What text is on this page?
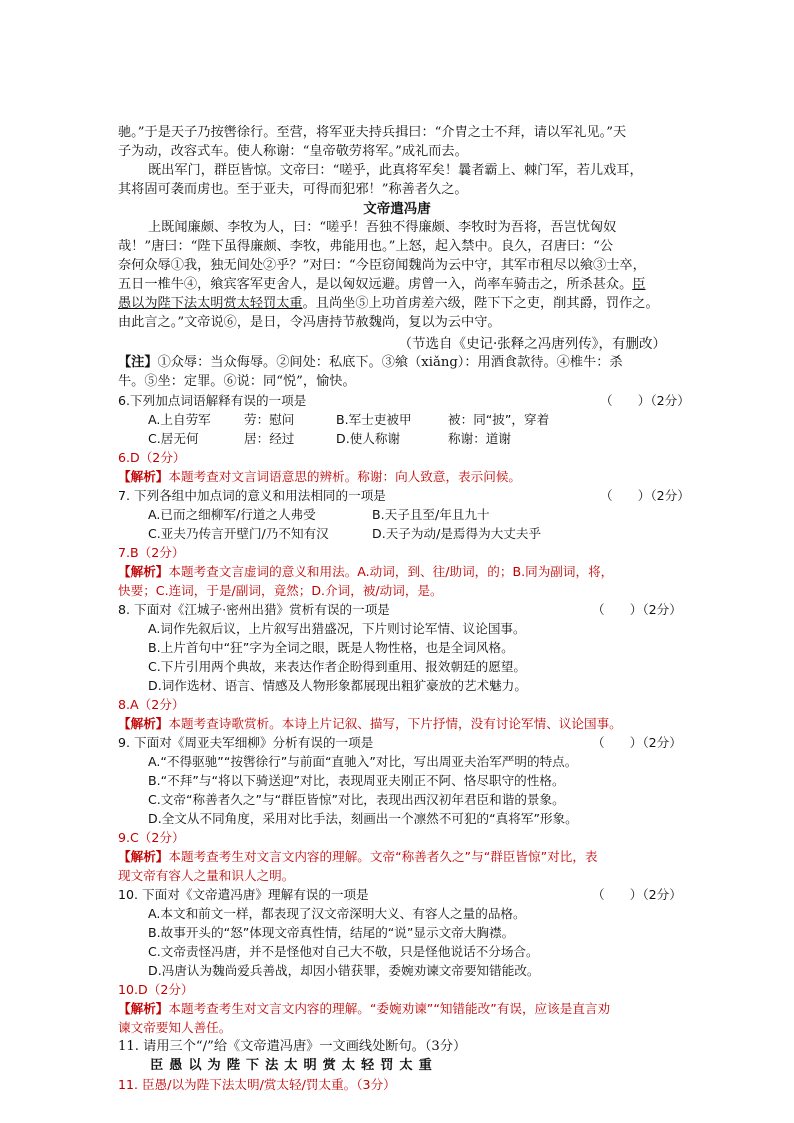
驰。”于是天子乃按辔徐行。至营，将军亚夫持兵揖曰：“介胄之士不拜，请以军礼见。”天
子为动，改容式车。使人称谢：“皇帝敬劳将军。”成礼而去。
既出军门，群臣皆惊。文帝曰：“嗟乎，此真将军矣！曩者霸上、棘门军，若儿戏耳，
其将固可袭而虏也。至于亚夫，可得而犯邪！”称善者久之。
文帝遣冯唐
上既闻廉颇、李牧为人，曰：“嗟乎！吾独不得廉颇、李牧时为吾将，吾岂忧匈奴
哉！”唐曰：“陛下虽得廉颇、李牧，弗能用也。”上怒，起入禁中。良久，召唐曰：“公
奈何众辱①我，独无间处②乎？”对曰：“今臣窃闻魏尚为云中守，其军市租尽以飨③士卒，
五日一椎牛④，飨宾客军吏舍人，是以匈奴远避。虏曾一入，尚率车骑击之，所杀甚众。臣
愚以为陛下法太明赏太轻罚太重。且尚坐⑤上功首虏差六级，陛下下之吏，削其爵，罚作之。
由此言之。”文帝说⑥，是日，令冯唐持节赦魏尚，复以为云中守。
（节选自《史记·张释之冯唐列传》，有删改）
【注】①众辱：当众侮辱。②间处：私底下。③飨（xiǎng）：用酒食款待。④椎牛：杀
牛。⑤坐：定罪。⑥说：同“悦”，愉快。
6.下列加点词语解释有误的一项是	（　　）（2分）
A.上自劳军	劳：慰问	B.军士吏被甲	被：同“披”，穿着
C.居无何	居：经过	D.使人称谢	称谢：道谢
6.D（2分）
【解析】本题考查对文言词语意思的辨析。称谢：向人致意，表示问候。
7. 下列各组中加点词的意义和用法相同的一项是	（　　）（2分）
A.已而之细柳军/行道之人弗受	B.天子且至/年且九十
C.亚夫乃传言开壁门/乃不知有汉	D.天子为动/是焉得为大丈夫乎
7.B（2分）
【解析】本题考查文言虚词的意义和用法。A.动词，到、往/助词，的；B.同为副词，将，
快要；C.连词，于是/副词，竟然；D.介词，被/动词，是。
8. 下面对《江城子·密州出猎》赏析有误的一项是	（　　）（2分）
A.词作先叙后议，上片叙写出猎盛况，下片则讨论军情、议论国事。
B.上片首句中“狂”字为全词之眼，既是人物性格，也是全词风格。
C.下片引用两个典故，来表达作者企盼得到重用、报效朝廷的愿望。
D.词作选材、语言、情感及人物形象都展现出粗犷豪放的艺术魅力。
8.A（2分）
【解析】本题考查诗歌赏析。本诗上片记叙、描写，下片抒情，没有讨论军情、议论国事。
9. 下面对《周亚夫军细柳》分析有误的一项是	（　　）（2分）
A.“不得驱驰”“按辔徐行”与前面“直驰入”对比，写出周亚夫治军严明的特点。
B.“不拜”与“将以下骑送迎”对比，表现周亚夫刚正不阿、恪尽职守的性格。
C.文帝“称善者久之”与“群臣皆惊”对比，表现出西汉初年君臣和谐的景象。
D.全文从不同角度，采用对比手法，刻画出一个凛然不可犯的“真将军”形象。
9.C（2分）
【解析】本题考查考生对文言文内容的理解。文帝“称善者久之”与“群臣皆惊”对比，表
现文帝有容人之量和识人之明。
10. 下面对《文帝遣冯唐》理解有误的一项是	（　　）（2分）
A.本文和前文一样，都表现了汉文帝深明大义、有容人之量的品格。
B.故事开头的“怒”体现文帝真性情，结尾的“说”显示文帝大胸襟。
C.文帝责怪冯唐，并不是怪他对自己大不敬，只是怪他说话不分场合。
D.冯唐认为魏尚爱兵善战，却因小错获罪，委婉劝谏文帝要知错能改。
10.D（2分）
【解析】本题考查考生对文言文内容的理解。“委婉劝谏”“知错能改”有误，应该是直言劝
谏文帝要知人善任。
11. 请用三个“/”给《文帝遣冯唐》一文画线处断句。（3分）
臣愚以为陛下法太明赏太轻罚太重
11. 臣愚/以为陛下法太明/赏太轻/罚太重。（3分）
